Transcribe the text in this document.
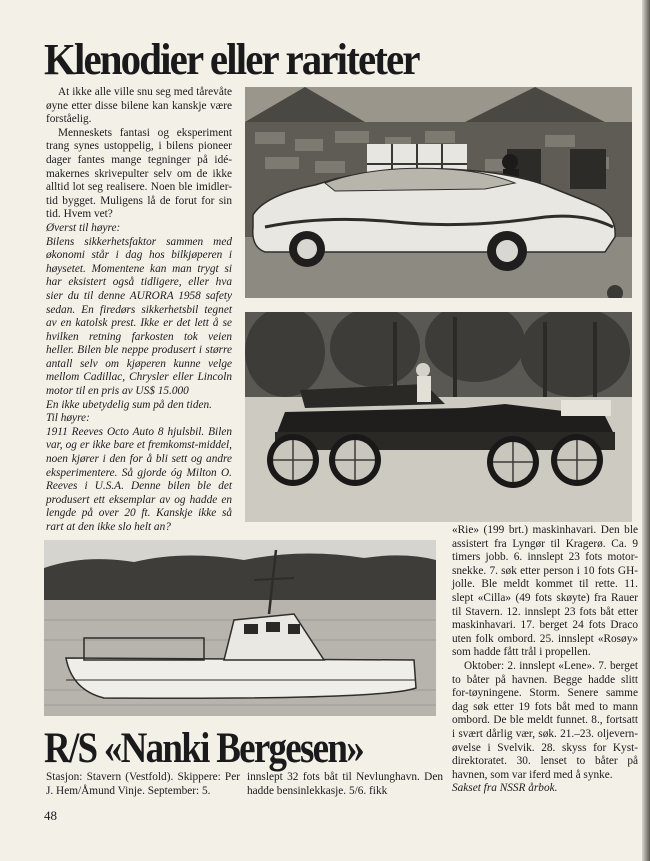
Klenodier eller rariteter

At ikke alle ville snu seg med tårevåte øyne etter disse bilene kan kanskje være forståelig.

Menneskets fantasi og eksperiment trang synes ustoppelig, i bilens pioneer dager fantes mange tegninger på idé-makernes skrivepulter selv om de ikke alltid lot seg realisere. Noen ble imidler-tid bygget. Muligens lå de forut for sin tid. Hvem vet?

Øverst til høyre:

Bilens sikkerhetsfaktor sammen med økonomi står i dag hos bilkjøperen i høysetet. Momentene kan man trygt si har eksistert også tidligere, eller hva sier du til denne AURORA 1958 safety sedan. En firedørs sikkerhetsbil tegnet av en katolsk prest. Ikke er det lett å se hvilken retning farkosten tok veien heller. Bilen ble neppe produsert i større antall selv om kjøperen kunne velge mellom Cadillac, Chrysler eller Lincoln motor til en pris av US$ 15.000

En ikke ubetydelig sum på den tiden.

Til høyre:

1911 Reeves Octo Auto 8 hjulsbil. Bilen var, og er ikke bare et fremkomst-middel, noen kjører i den for å bli sett og andre eksperimentere. Så gjorde óg Milton O. Reeves i U.S.A. Denne bilen ble det produsert ett eksemplar av og hadde en lengde på over 20 ft. Kanskje ikke så rart at den ikke slo helt an?	«Rie» (199 brt.) maskinhavari. Den ble assistert fra Lyngør til Kragerø. Ca. 9 timers jobb. 6. innslept 23 fots motor-snekke. 7. søk etter person i 10 fots GH-jolle. Ble meldt kommet til rette. 11. slept «Cilla» (49 fots skøyte) fra Rauer til Stavern. 12. innslept 23 fots båt etter maskinhavari. 17. berget 24 fots Draco uten folk ombord. 25. innslept «Rosøy» som hadde fått trål i propellen.

Oktober: 2. innslept «Lene». 7. berget to båter på havnen. Begge hadde slitt for-tøyningene. Storm. Senere samme dag søk etter 19 fots båt med to mann ombord. De ble meldt funnet. 8., fortsatt i svært dårlig vær, søk. 21.–23. oljevern-øvelse i Svelvik. 28. skyss for Kyst-direktoratet. 30. lenset to båter på havnen, som var iferd med å synke.

Sakset fra NSSR årbok.

R/S «Nanki Bergesen»

Stasjon: Stavern (Vestfold). Skippere: Per J. Hem/Åmund Vinje. September: 5.

innslept 32 fots båt til Nevlunghavn. Den hadde bensinlekkasje. 5/6. fikk

48
